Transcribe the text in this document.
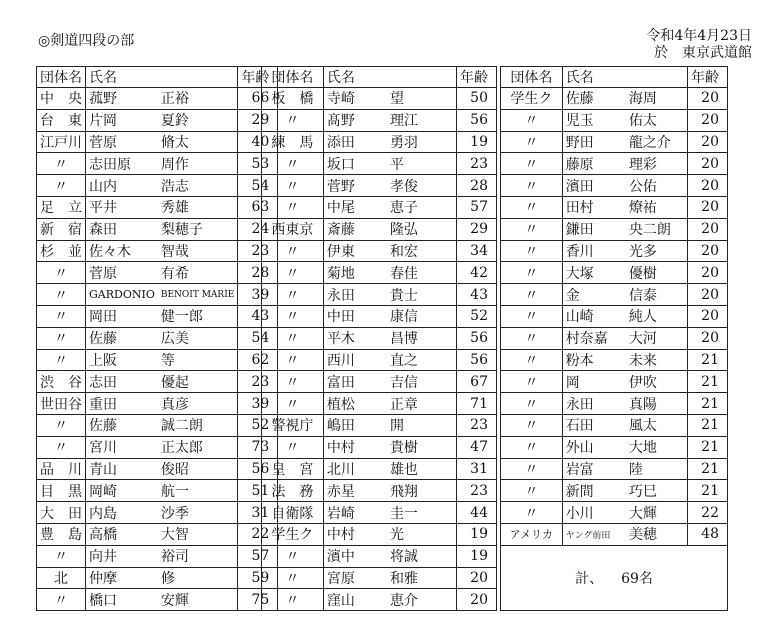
◎剣道四段の部	令和4年4月23日
於　東京武道館
団体名	氏名		年齢
中　央	菰野	正裕	66
台　東	片岡	夏鈴	29
江戸川	菅原	脩太	40
〃	志田原	周作	53
〃	山内	浩志	54
足　立	平井	秀雄	63
新　宿	森田	梨穂子	24
杉　並	佐々木	智哉	23
〃	菅原	有希	28
〃	GARDONIO	BENOIT MARIE	39
〃	岡田	健一郎	43
〃	佐藤	広美	54
〃	上阪	等	62
渋　谷	志田	優起	23
世田谷	重田	真彦	39
〃	佐藤	誠二朗	52
〃	宮川	正太郎	73
品　川	青山	俊昭	56
目　黒	岡崎	航一	51
大　田	内島	沙季	31
豊　島	高橋	大智	22
〃	向井	裕司	57
北	仲摩	修	59
〃	橋口	安輝	75
団体名	氏名		年齢
板　橋	寺崎	望	50
〃	髙野	理江	56
練　馬	添田	勇羽	19
〃	坂口	平	23
〃	菅野	孝俊	28
〃	中尾	恵子	57
西東京	斎藤	隆弘	29
〃	伊東	和宏	34
〃	菊地	春佳	42
〃	永田	貴士	43
〃	中田	康信	52
〃	平木	昌博	56
〃	西川	直之	56
〃	富田	吉信	67
〃	植松	正章	71
警視庁	嶋田	開	23
〃	中村	貴樹	47
皇　宮	北川	雄也	31
法　務	赤星	飛翔	23
自衛隊	岩崎	圭一	44
学生ク	中村	光	19
〃	濱中	将誠	19
〃	宮原	和雅	20
〃	窪山	恵介	20
団体名	氏名		年齢
学生ク	佐藤	海周	20
〃	児玉	佑太	20
〃	野田	龍之介	20
〃	藤原	理彩	20
〃	濱田	公佑	20
〃	田村	燎祐	20
〃	鎌田	央二朗	20
〃	香川	光多	20
〃	大塚	優樹	20
〃	金	信泰	20
〃	山崎	純人	20
〃	村奈嘉	大河	20
〃	粉本	未来	21
〃	岡	伊吹	21
〃	永田	真陽	21
〃	石田	風太	21
〃	外山	大地	21
〃	岩富	陸	21
〃	新間	巧巳	21
〃	小川	大輝	22
アメリカ	ヤング前田	美穂	48
計、 69名			
